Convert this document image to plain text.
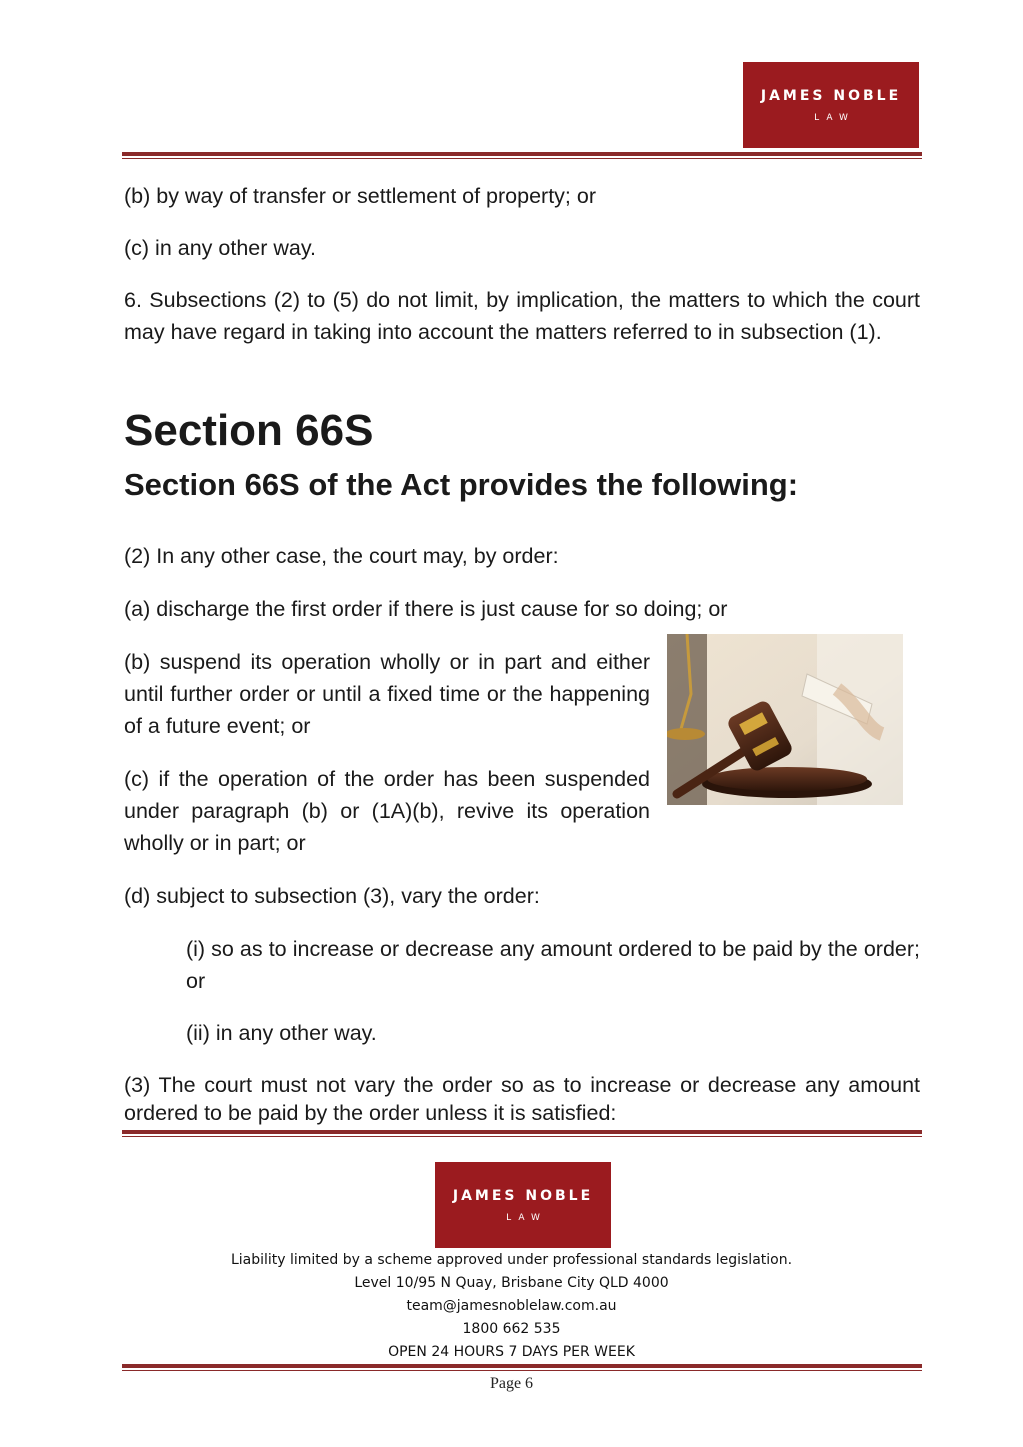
JAMES NOBLE
LAW

(b) by way of transfer or settlement of property; or

(c) in any other way.

6. Subsections (2) to (5) do not limit, by implication, the matters to which the court may have regard in taking into account the matters referred to in subsection (1).

Section 66S
Section 66S of the Act provides the following:

(2) In any other case, the court may, by order:

(a) discharge the first order if there is just cause for so doing; or

(b) suspend its operation wholly or in part and either until further order or until a fixed time or the happening of a future event; or

(c) if the operation of the order has been suspended under paragraph (b) or (1A)(b), revive its operation wholly or in part; or

(d) subject to subsection (3), vary the order:

(i) so as to increase or decrease any amount ordered to be paid by the order; or

(ii) in any other way.

(3) The court must not vary the order so as to increase or decrease any amount ordered to be paid by the order unless it is satisfied:

JAMES NOBLE
LAW
Liability limited by a scheme approved under professional standards legislation.
Level 10/95 N Quay, Brisbane City QLD 4000
team@jamesnoblelaw.com.au
1800 662 535
OPEN 24 HOURS 7 DAYS PER WEEK
Page 6
